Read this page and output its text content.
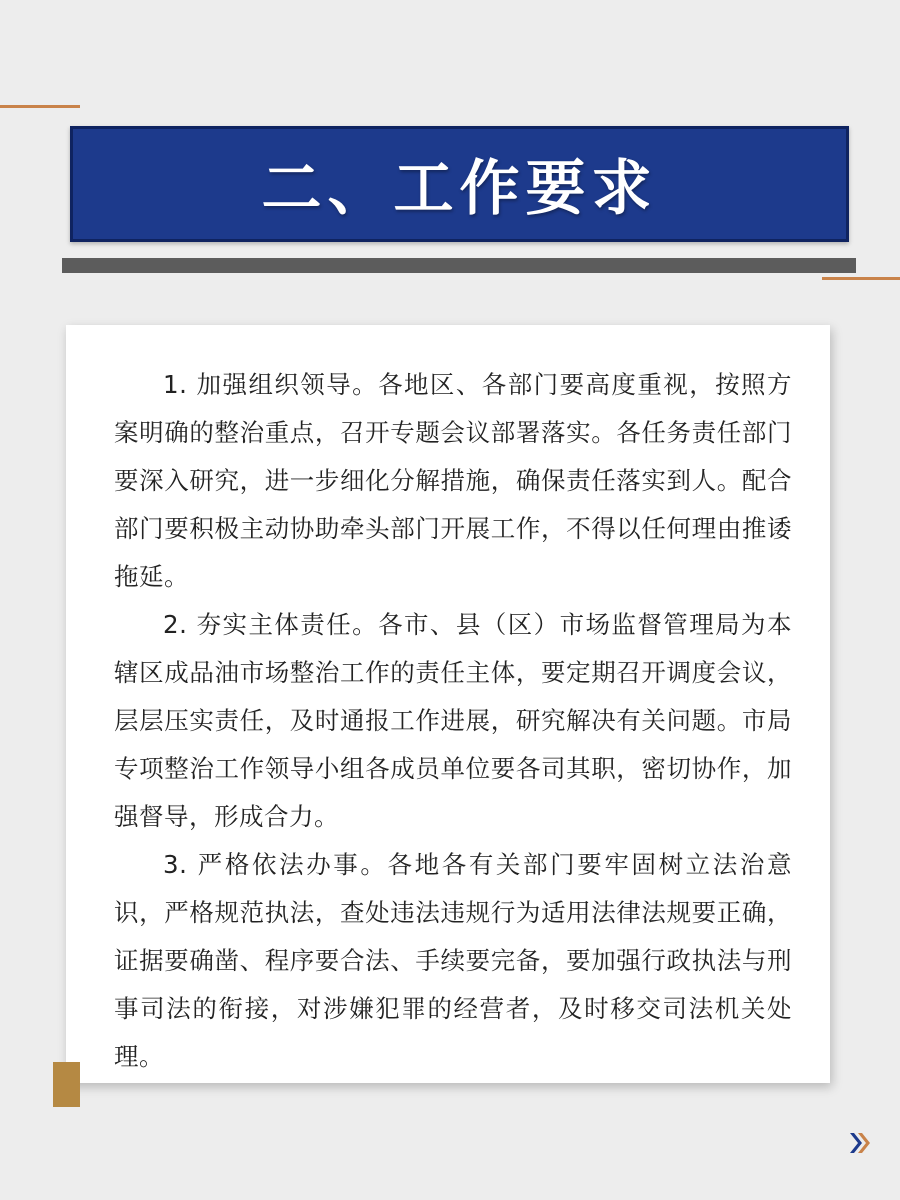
二、工作要求

1. 加强组织领导。各地区、各部门要高度重视，按照方案明确的整治重点，召开专题会议部署落实。各任务责任部门要深入研究，进一步细化分解措施，确保责任落实到人。配合部门要积极主动协助牵头部门开展工作，不得以任何理由推诿拖延。

2. 夯实主体责任。各市、县（区）市场监督管理局为本辖区成品油市场整治工作的责任主体，要定期召开调度会议，层层压实责任，及时通报工作进展，研究解决有关问题。市局专项整治工作领导小组各成员单位要各司其职，密切协作，加强督导，形成合力。

3. 严格依法办事。各地各有关部门要牢固树立法治意识，严格规范执法，查处违法违规行为适用法律法规要正确，证据要确凿、程序要合法、手续要完备，要加强行政执法与刑事司法的衔接，对涉嫌犯罪的经营者，及时移交司法机关处理。
